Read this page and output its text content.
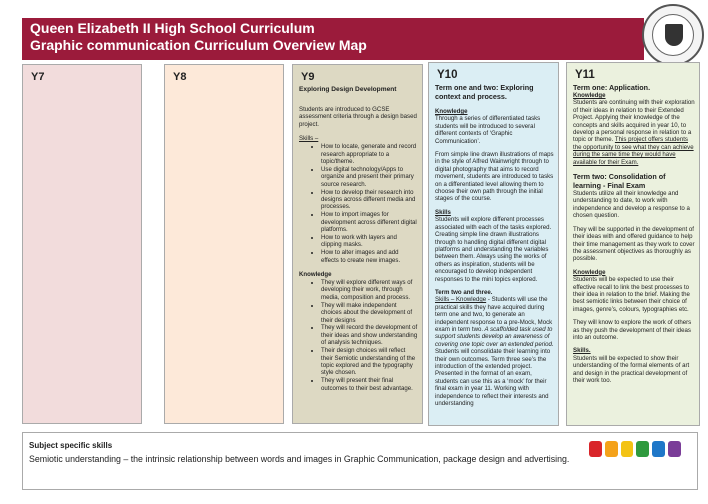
Queen Elizabeth II High School Curriculum
Graphic communication Curriculum Overview Map
Y7	Y8	Y9
Exploring Design Development
Students are introduced to GCSE assessment criteria through a design based project.
Skills –
• How to locate, generate and record research appropriate to a topic/theme.
• Use digital technology/Apps to organize and present their primary source research.
• How to develop their research into designs across different media and processes.
• How to import images for development across different digital platforms.
• How to work with layers and clipping masks.
• How to alter images and add effects to create new images.
Knowledge
• They will explore different ways of developing their work, through media, composition and process.
• They will make independent choices about the development of their designs
• They will record the development of their ideas and show understanding of analysis techniques.
• Their design choices will reflect their Semiotic understanding of the topic explored and the typography style chosen.
• They will present their final outcomes to their best advantage.
Y10
Term one and two: Exploring context and process.
Knowledge
Through a series of differentiated tasks students will be introduced to several different contexts of ‘Graphic Communication’.
From simple line drawn illustrations of maps in the style of Alfred Wainwright through to digital photography that aims to record movement, students are introduced to tasks on a differentiated level allowing them to choose their own path through the initial stages of the course.
Skills
Students will explore different processes associated with each of the tasks explored. Creating simple line drawn illustrations through to handling digital different digital platforms and understanding the variables between them. Always using the works of others as inspiration, students will be encouraged to develop independent responses to the mini topics explored.
Term two and three.
Skills – Knowledge - Students will use the practical skills they have acquired during term one and two, to generate an independent response to a pre-Mock, Mock exam in term two. A scaffolded task used to support students develop an awareness of covering one topic over an extended period. Students will consolidate their learning into their own outcomes. Term three see’s the introduction of the extended project. Presented in the format of an exam, students can use this as a ‘mock’ for their final exam in year 11. Working with independence to reflect their interests and understanding
Y11
Term one: Application.
Knowledge
Students are continuing with their exploration of their ideas in relation to their Extended Project. Applying their knowledge of the concepts and skills acquired in year 10, to develop a personal response in relation to a topic or theme. This project offers students the opportunity to see what they can achieve during the same time they would have available for their Exam.
Term two: Consolidation of learning - Final Exam
Students utilize all their knowledge and understanding to date, to work with independence and develop a response to a chosen question.
They will be supported in the development of their ideas with and offered guidance to help their time management as they work to cover the assessment objectives as thoroughly as possible.
Knowledge
Students will be expected to use their effective recall to link the best processes to their idea in relation to the brief. Making the best semiotic links between their choice of images, genre’s, colours, typographies etc.
They will know to explore the work of others as they push the development of their ideas into an outcome.
Skills.
Students will be expected to show their understanding of the formal elements of art and design in the practical development of their work too.
Subject specific skills
Semiotic understanding – the intrinsic relationship between words and images in Graphic Communication, package design and advertising.
